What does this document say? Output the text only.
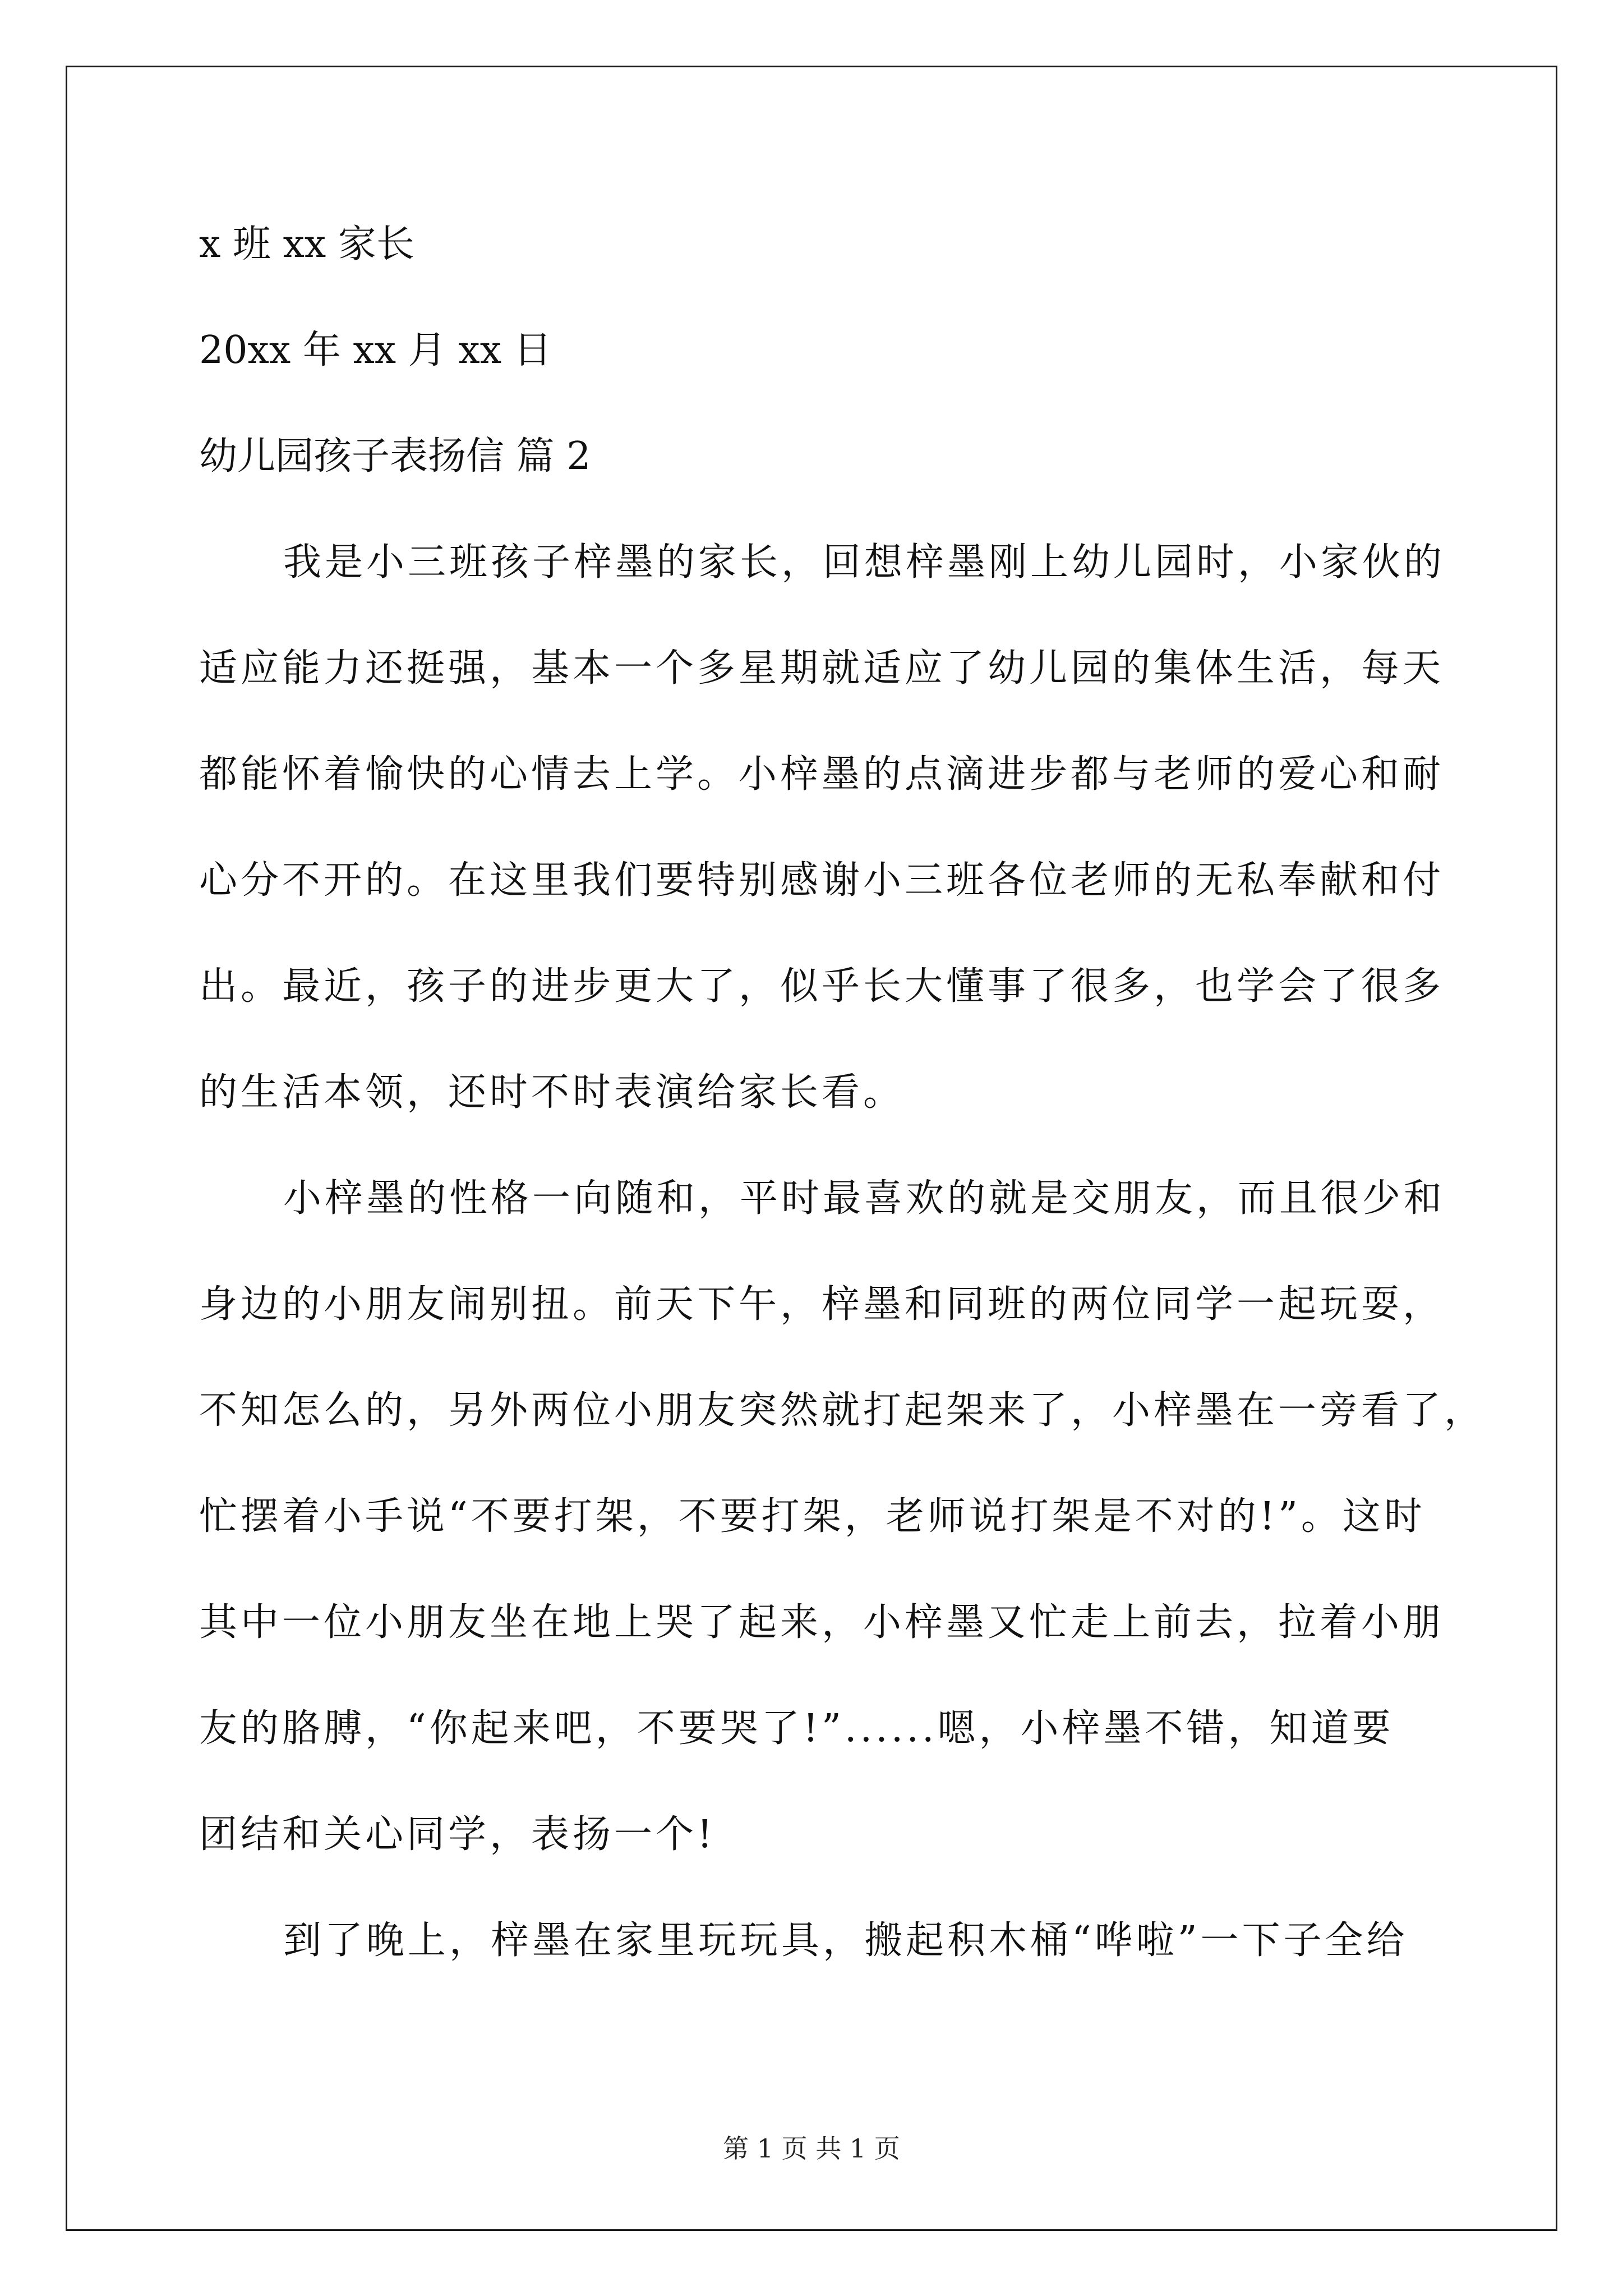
x 班 xx 家长
20xx 年 xx 月 xx 日
幼儿园孩子表扬信 篇 2
我是小三班孩子梓墨的家长，回想梓墨刚上幼儿园时，小家伙的
适应能力还挺强，基本一个多星期就适应了幼儿园的集体生活，每天
都能怀着愉快的心情去上学。小梓墨的点滴进步都与老师的爱心和耐
心分不开的。在这里我们要特别感谢小三班各位老师的无私奉献和付
出。最近，孩子的进步更大了，似乎长大懂事了很多，也学会了很多
的生活本领，还时不时表演给家长看。
小梓墨的性格一向随和，平时最喜欢的就是交朋友，而且很少和
身边的小朋友闹别扭。前天下午，梓墨和同班的两位同学一起玩耍，
不知怎么的，另外两位小朋友突然就打起架来了，小梓墨在一旁看了，
忙摆着小手说“不要打架，不要打架，老师说打架是不对的!”。这时
其中一位小朋友坐在地上哭了起来，小梓墨又忙走上前去，拉着小朋
友的胳膊，“你起来吧，不要哭了!”......嗯，小梓墨不错，知道要
团结和关心同学，表扬一个!
到了晚上，梓墨在家里玩玩具，搬起积木桶“哗啦”一下子全给
第 1 页 共 1 页
